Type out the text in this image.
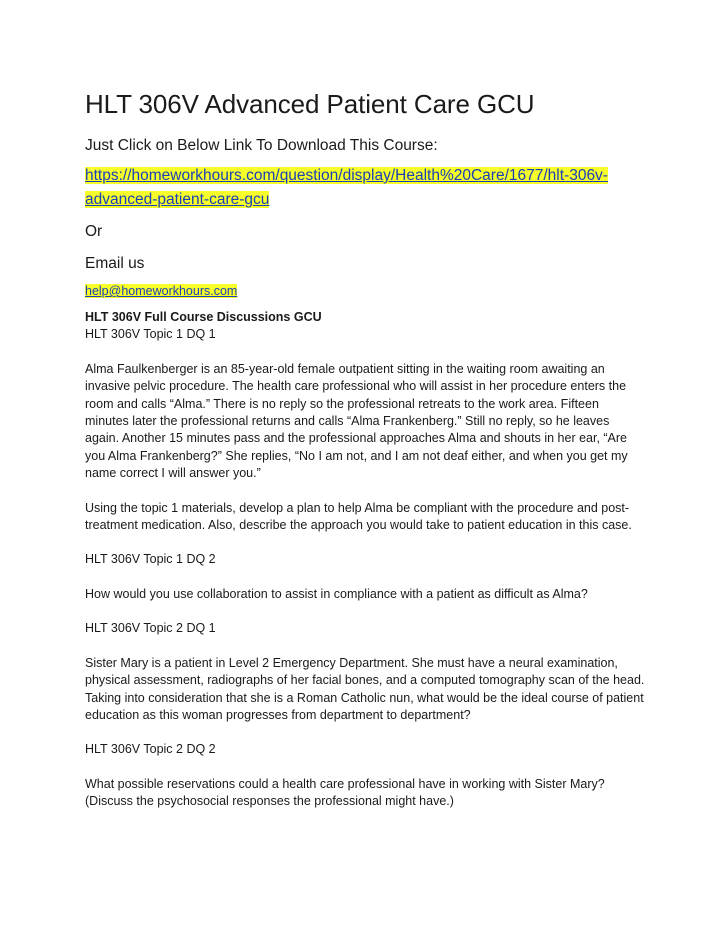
HLT 306V Advanced Patient Care GCU

Just Click on Below Link To Download This Course:

https://homeworkhours.com/question/display/Health%20Care/1677/hlt-306v-
advanced-patient-care-gcu

Or

Email us

help@homeworkhours.com

HLT 306V Full Course Discussions GCU

HLT 306V Topic 1 DQ 1

Alma Faulkenberger is an 85-year-old female outpatient sitting in the waiting room awaiting an invasive pelvic procedure. The health care professional who will assist in her procedure enters the room and calls “Alma.” There is no reply so the professional retreats to the work area. Fifteen minutes later the professional returns and calls “Alma Frankenberg.” Still no reply, so he leaves again. Another 15 minutes pass and the professional approaches Alma and shouts in her ear, “Are you Alma Frankenberg?” She replies, “No I am not, and I am not deaf either, and when you get my name correct I will answer you.”

Using the topic 1 materials, develop a plan to help Alma be compliant with the procedure and post-treatment medication. Also, describe the approach you would take to patient education in this case.

HLT 306V Topic 1 DQ 2

How would you use collaboration to assist in compliance with a patient as difficult as Alma?

HLT 306V Topic 2 DQ 1

Sister Mary is a patient in Level 2 Emergency Department. She must have a neural examination, physical assessment, radiographs of her facial bones, and a computed tomography scan of the head. Taking into consideration that she is a Roman Catholic nun, what would be the ideal course of patient education as this woman progresses from department to department?

HLT 306V Topic 2 DQ 2

What possible reservations could a health care professional have in working with Sister Mary? (Discuss the psychosocial responses the professional might have.)
